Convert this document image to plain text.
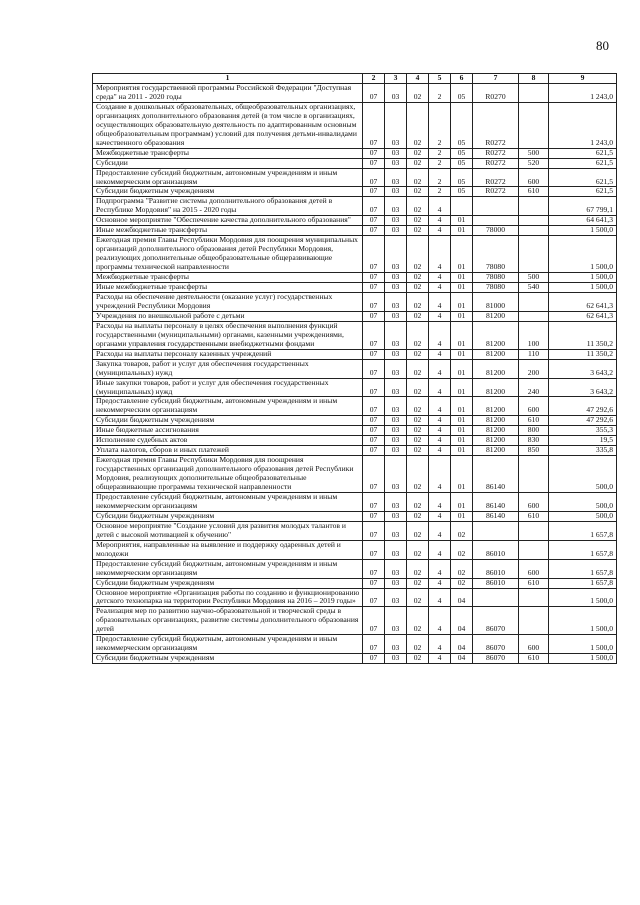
80
1	2	3	4	5	6	7	8	9
Мероприятия государственной программы Российской Федерации "Доступная среда" на 2011 - 2020 годы	07	03	02	2	05	R0270		1 243,0
Создание в дошкольных образовательных, общеобразовательных организациях, организациях дополнительного образования детей (в том числе в организациях, осуществляющих образовательную деятельность по адаптированным основным общеобразовательным программам) условий для получения детьми-инвалидами качественного образования	07	03	02	2	05	R0272		1 243,0
Межбюджетные трансферты	07	03	02	2	05	R0272	500	621,5
Субсидии	07	03	02	2	05	R0272	520	621,5
Предоставление субсидий бюджетным, автономным учреждениям и иным некоммерческим организациям	07	03	02	2	05	R0272	600	621,5
Субсидии бюджетным учреждениям	07	03	02	2	05	R0272	610	621,5
Подпрограмма "Развитие системы дополнительного образования детей в Республике Мордовия" на 2015 - 2020 годы	07	03	02	4				67 799,1
Основное мероприятие "Обеспечение качества дополнительного образования"	07	03	02	4	01			64 641,3
Иные межбюджетные трансферты	07	03	02	4	01	78000		1 500,0
Ежегодная премия Главы Республики Мордовия для поощрения муниципальных организаций дополнительного образования детей Республики Мордовия, реализующих дополнительные общеобразовательные общеразвивающие программы технической направленности	07	03	02	4	01	78080		1 500,0
Межбюджетные трансферты	07	03	02	4	01	78080	500	1 500,0
Иные межбюджетные трансферты	07	03	02	4	01	78080	540	1 500,0
Расходы на обеспечение деятельности (оказание услуг) государственных учреждений Республики Мордовия	07	03	02	4	01	81000		62 641,3
Учреждения по внешкольной работе с детьми	07	03	02	4	01	81200		62 641,3
Расходы на выплаты персоналу в целях обеспечения выполнения функций государственными (муниципальными) органами, казенными учреждениями, органами управления государственными внебюджетными фондами	07	03	02	4	01	81200	100	11 350,2
Расходы на выплаты персоналу казенных учреждений	07	03	02	4	01	81200	110	11 350,2
Закупка товаров, работ и услуг для обеспечения государственных (муниципальных) нужд	07	03	02	4	01	81200	200	3 643,2
Иные закупки товаров, работ и услуг для обеспечения государственных (муниципальных) нужд	07	03	02	4	01	81200	240	3 643,2
Предоставление субсидий бюджетным, автономным учреждениям и иным некоммерческим организациям	07	03	02	4	01	81200	600	47 292,6
Субсидии бюджетным учреждениям	07	03	02	4	01	81200	610	47 292,6
Иные бюджетные ассигнования	07	03	02	4	01	81200	800	355,3
Исполнение судебных актов	07	03	02	4	01	81200	830	19,5
Уплата налогов, сборов и иных платежей	07	03	02	4	01	81200	850	335,8
Ежегодная премия Главы Республики Мордовия для поощрения государственных организаций дополнительного образования детей Республики Мордовия, реализующих дополнительные общеобразовательные общеразвивающие программы технической направленности	07	03	02	4	01	86140		500,0
Предоставление субсидий бюджетным, автономным учреждениям и иным некоммерческим организациям	07	03	02	4	01	86140	600	500,0
Субсидии бюджетным учреждениям	07	03	02	4	01	86140	610	500,0
Основное мероприятие "Создание условий для развития молодых талантов и детей с высокой мотивацией к обучению"	07	03	02	4	02			1 657,8
Мероприятия, направленные на выявление и поддержку одаренных детей и молодежи	07	03	02	4	02	86010		1 657,8
Предоставление субсидий бюджетным, автономным учреждениям и иным некоммерческим организациям	07	03	02	4	02	86010	600	1 657,8
Субсидии бюджетным учреждениям	07	03	02	4	02	86010	610	1 657,8
Основное мероприятие «Организация работы по созданию и функционированию детского технопарка на территории Республики Мордовия на 2016 – 2019 годы»	07	03	02	4	04			1 500,0
Реализация мер по развитию научно-образовательной и творческой среды в образовательных организациях, развитие системы дополнительного образования детей	07	03	02	4	04	86070		1 500,0
Предоставление субсидий бюджетным, автономным учреждениям и иным некоммерческим организациям	07	03	02	4	04	86070	600	1 500,0
Субсидии бюджетным учреждениям	07	03	02	4	04	86070	610	1 500,0
